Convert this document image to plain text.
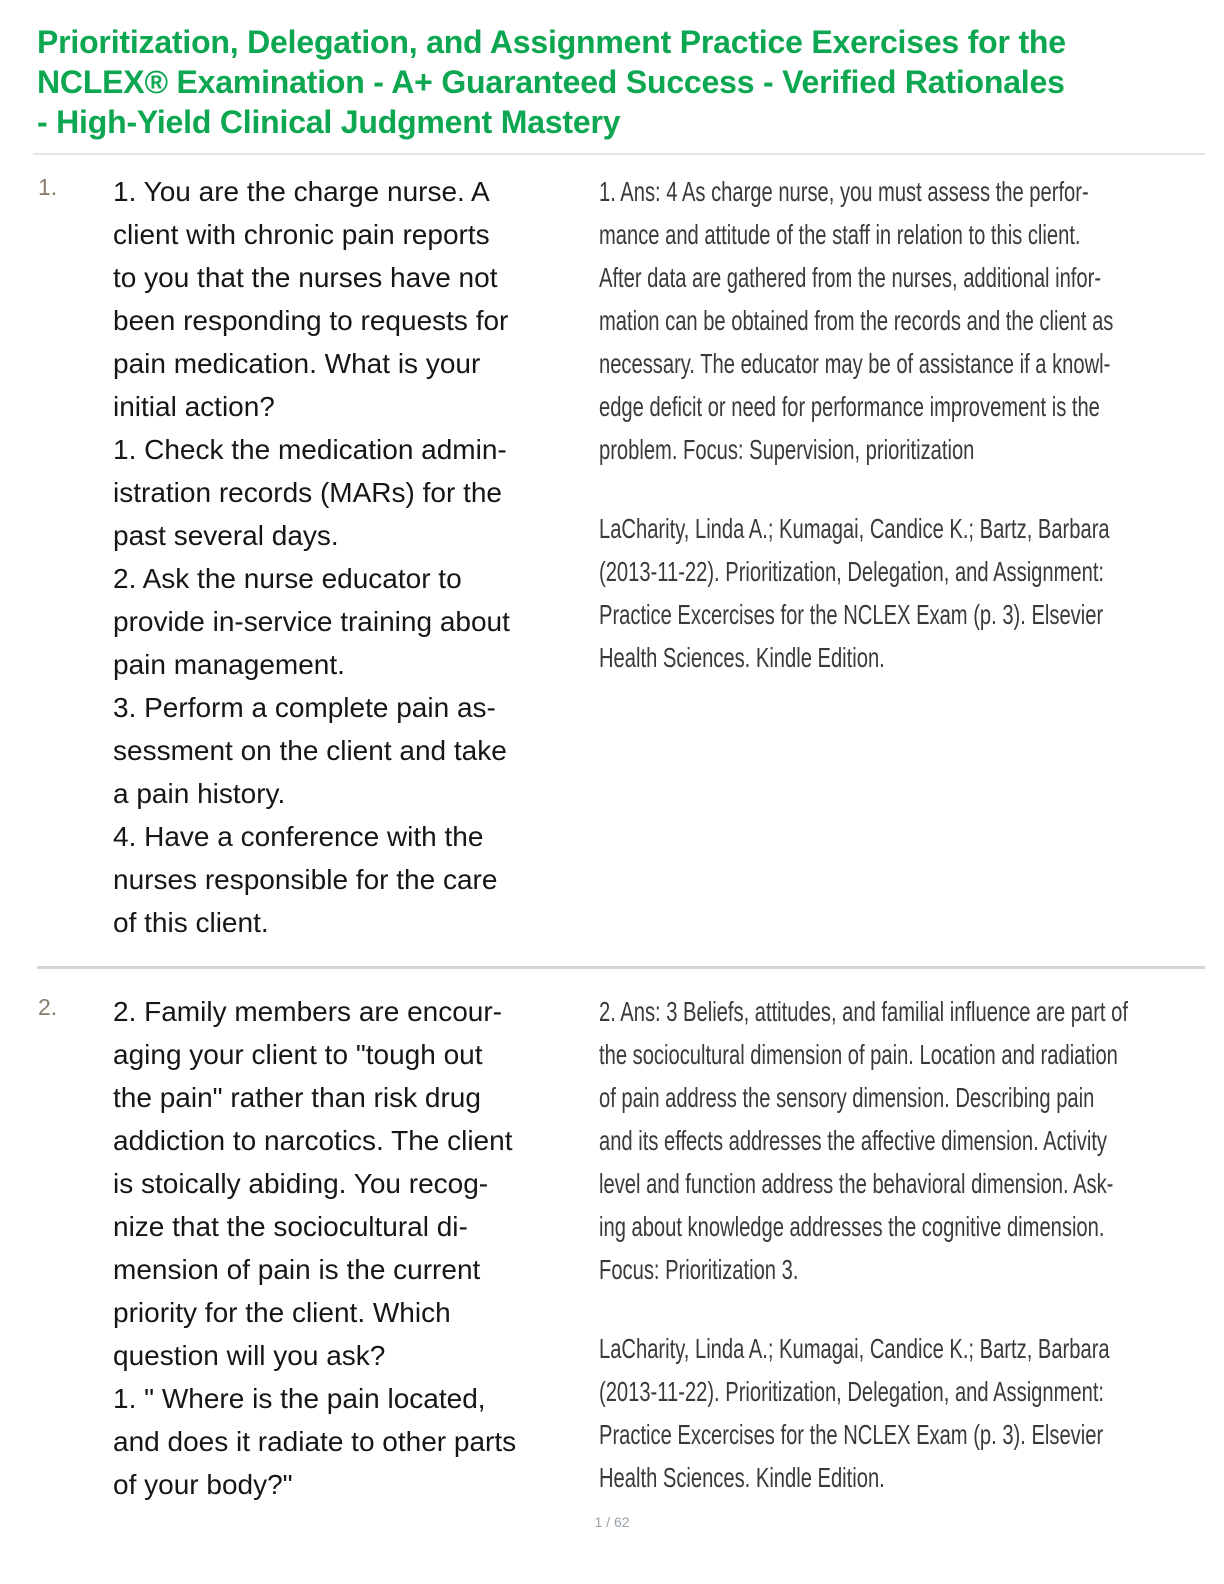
Prioritization, Delegation, and Assignment Practice Exercises for the
NCLEX® Examination - A+ Guaranteed Success - Verified Rationales
- High-Yield Clinical Judgment Mastery
1. 1. You are the charge nurse. A
client with chronic pain reports
to you that the nurses have not
been responding to requests for
pain medication. What is your
initial action?
1. Check the medication admin-
istration records (MARs) for the
past several days.
2. Ask the nurse educator to
provide in-service training about
pain management.
3. Perform a complete pain as-
sessment on the client and take
a pain history.
4. Have a conference with the
nurses responsible for the care
of this client.
1. Ans: 4 As charge nurse, you must assess the perfor-
mance and attitude of the staff in relation to this client.
After data are gathered from the nurses, additional infor-
mation can be obtained from the records and the client as
necessary. The educator may be of assistance if a knowl-
edge deficit or need for performance improvement is the
problem. Focus: Supervision, prioritization
LaCharity, Linda A.; Kumagai, Candice K.; Bartz, Barbara
(2013-11-22). Prioritization, Delegation, and Assignment:
Practice Excercises for the NCLEX Exam (p. 3). Elsevier
Health Sciences. Kindle Edition.
2. 2. Family members are encour-
aging your client to "tough out
the pain" rather than risk drug
addiction to narcotics. The client
is stoically abiding. You recog-
nize that the sociocultural di-
mension of pain is the current
priority for the client. Which
question will you ask?
1. " Where is the pain located,
and does it radiate to other parts
of your body?"
2. Ans: 3 Beliefs, attitudes, and familial influence are part of
the sociocultural dimension of pain. Location and radiation
of pain address the sensory dimension. Describing pain
and its effects addresses the affective dimension. Activity
level and function address the behavioral dimension. Ask-
ing about knowledge addresses the cognitive dimension.
Focus: Prioritization 3.
LaCharity, Linda A.; Kumagai, Candice K.; Bartz, Barbara
(2013-11-22). Prioritization, Delegation, and Assignment:
Practice Excercises for the NCLEX Exam (p. 3). Elsevier
Health Sciences. Kindle Edition.
1 / 62
